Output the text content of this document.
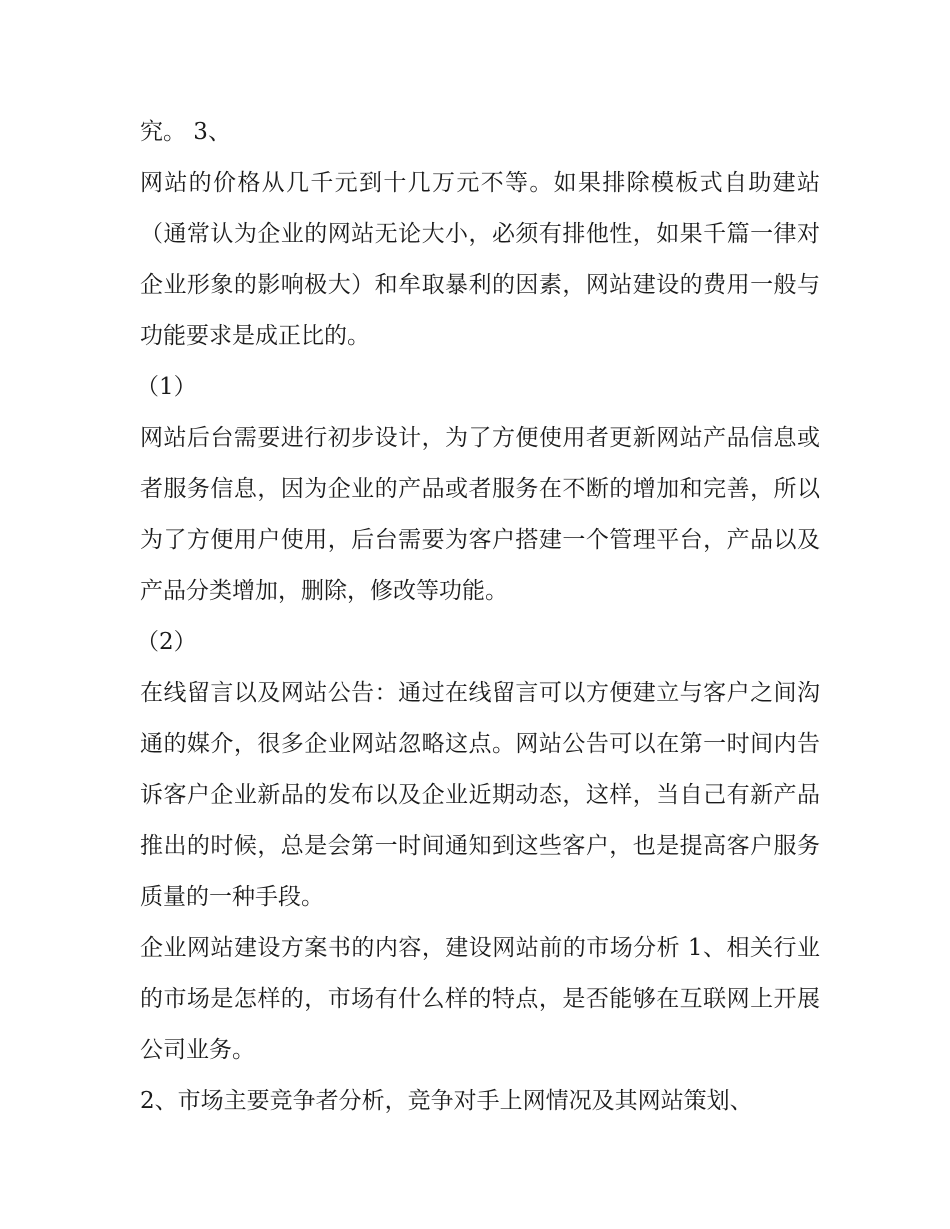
究。 3、

网站的价格从几千元到十几万元不等。如果排除模板式自助建站（通常认为企业的网站无论大小，必须有排他性，如果千篇一律对企业形象的影响极大）和牟取暴利的因素，网站建设的费用一般与功能要求是成正比的。

（1）

网站后台需要进行初步设计，为了方便使用者更新网站产品信息或者服务信息，因为企业的产品或者服务在不断的增加和完善，所以为了方便用户使用，后台需要为客户搭建一个管理平台，产品以及产品分类增加，删除，修改等功能。

（2）

在线留言以及网站公告：通过在线留言可以方便建立与客户之间沟通的媒介，很多企业网站忽略这点。网站公告可以在第一时间内告诉客户企业新品的发布以及企业近期动态，这样，当自己有新产品推出的时候，总是会第一时间通知到这些客户，也是提高客户服务质量的一种手段。

企业网站建设方案书的内容，建设网站前的市场分析 1、相关行业的市场是怎样的，市场有什么样的特点，是否能够在互联网上开展公司业务。

2、市场主要竞争者分析，竞争对手上网情况及其网站策划、
